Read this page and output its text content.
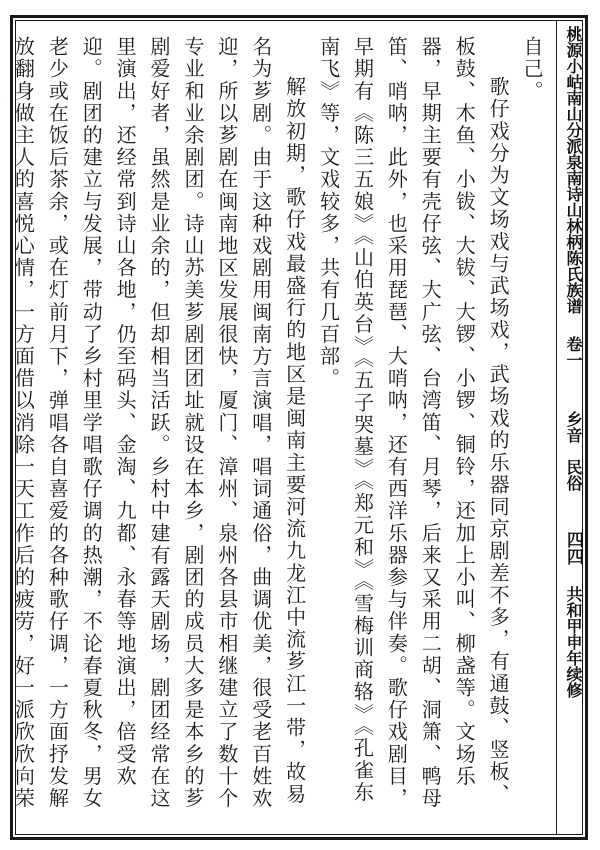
桃源小岵南山分派泉南诗山林柄陈氏族谱 卷一 乡音　民俗 四四 共和甲申年续修

自己。

歌仔戏分为文场戏与武场戏，武场戏的乐器同京剧差不多，有通鼓、竖板、板鼓、木鱼、小钹、大钹、大锣、小锣、铜铃，还加上小叫、柳盏等。文场乐器，早期主要有壳仔弦、大广弦、台湾笛、月琴，后来又采用二胡、洞箫、鸭母笛、哨呐，此外，也采用琵琶、大哨呐，还有西洋乐器参与伴奏。歌仔戏剧目，早期有《陈三五娘》《山伯英台》《五子哭墓》《郑元和》《雪梅训商辂》《孔雀东南飞》等，文戏较多，共有几百部。

解放初期，歌仔戏最盛行的地区是闽南主要河流九龙江中流芗江一带，故易名为芗剧。由于这种戏剧用闽南方言演唱，唱词通俗，曲调优美，很受老百姓欢迎，所以芗剧在闽南地区发展很快，厦门、漳州、泉州各县市相继建立了数十个专业和业余剧团。诗山苏美芗剧团团址就设在本乡，剧团的成员大多是本乡的芗剧爱好者，虽然是业余的，但却相当活跃。乡村中建有露天剧场，剧团经常在这里演出，还经常到诗山各地，仍至码头、金淘、九都、永春等地演出，倍受欢迎。剧团的建立与发展，带动了乡村里学唱歌仔调的热潮，不论春夏秋冬，男女老少或在饭后茶余，或在灯前月下，弹唱各自喜爱的各种歌仔调，一方面抒发解放翻身做主人的喜悦心情，一方面借以消除一天工作后的疲劳，好一派欣欣向荣
